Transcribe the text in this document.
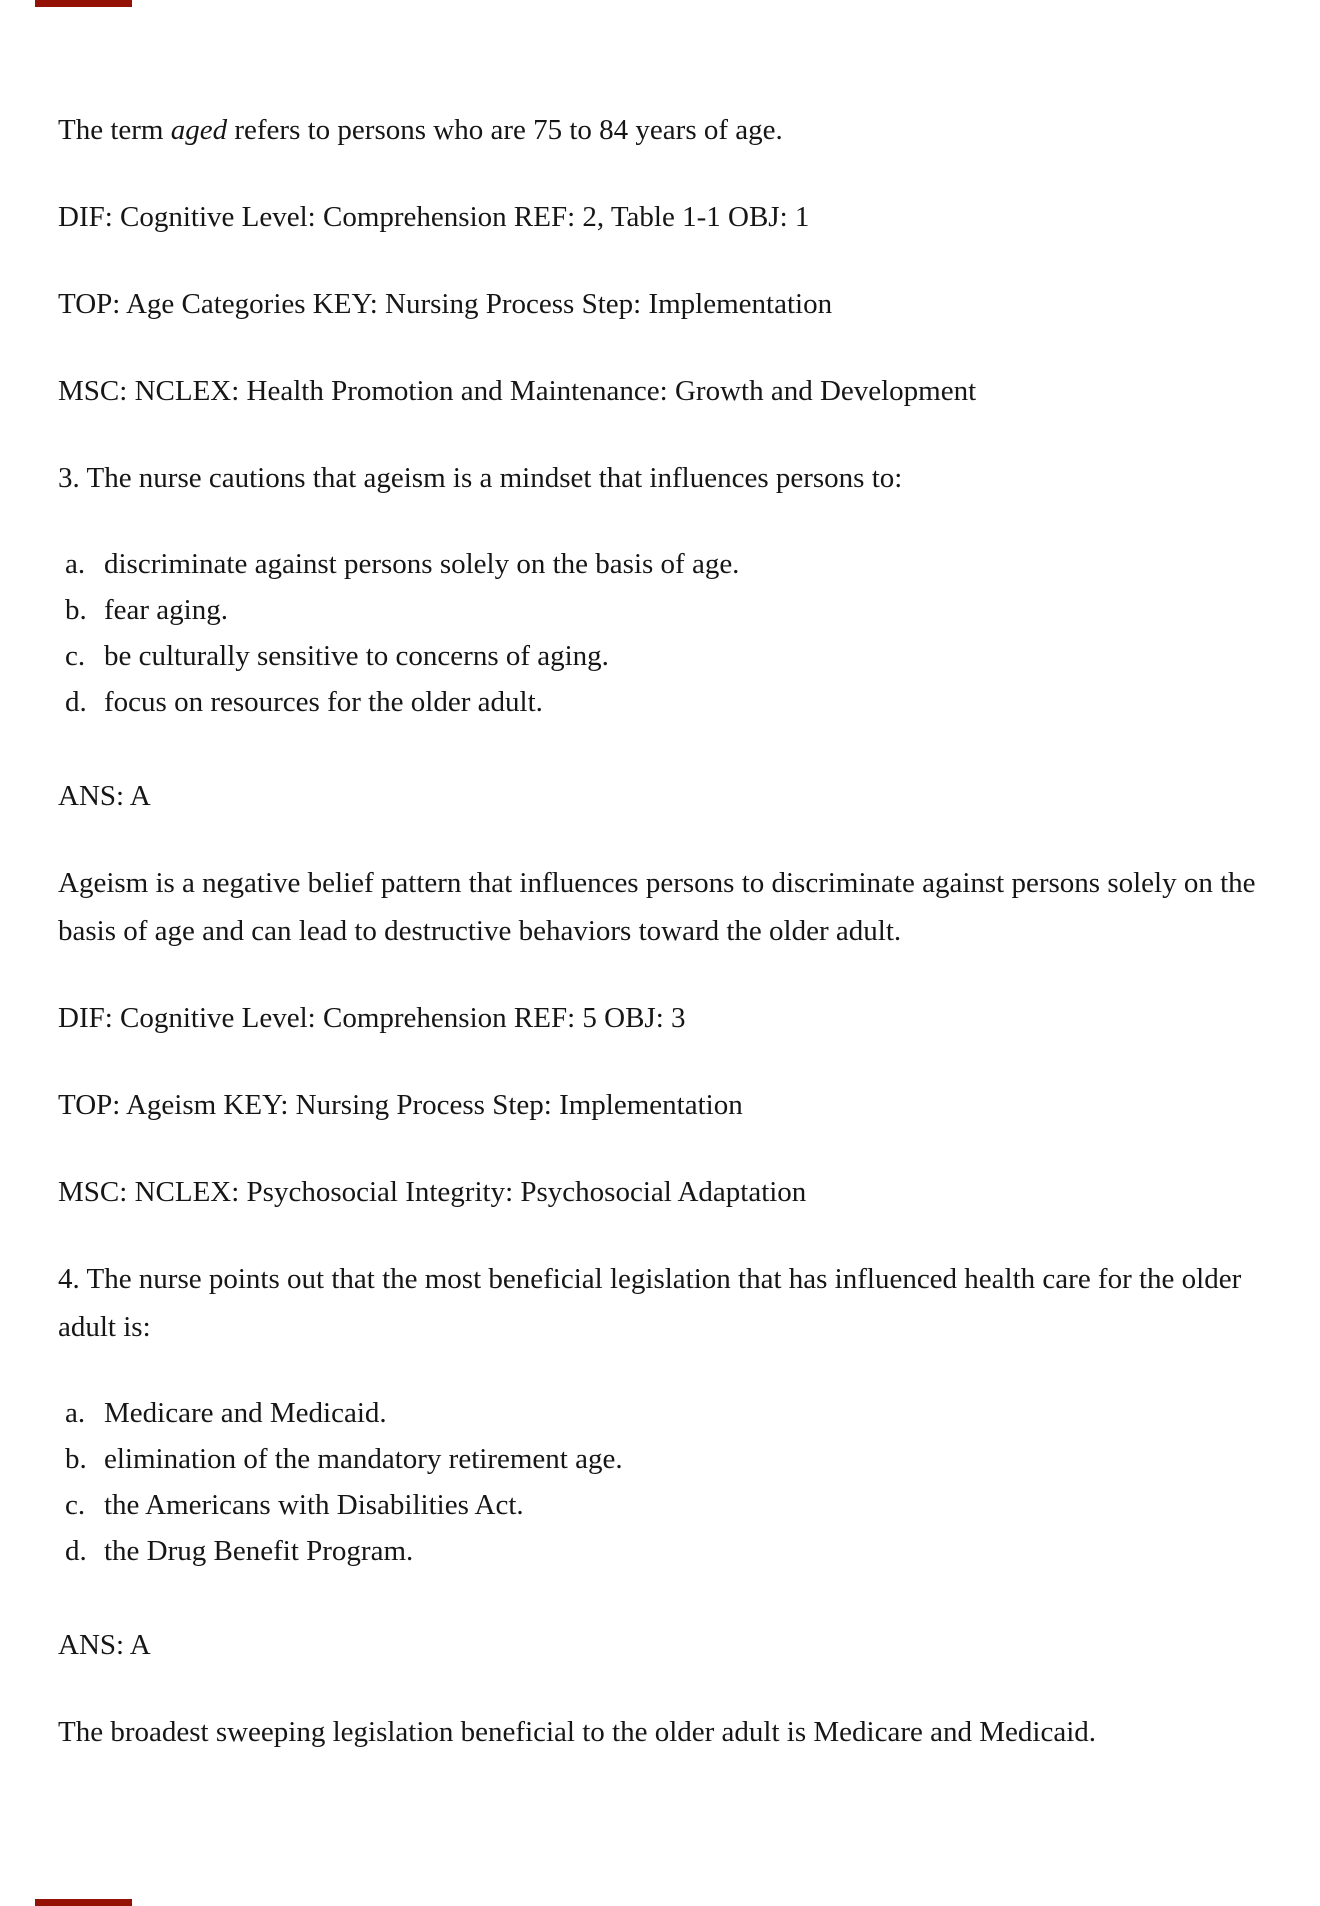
The term aged refers to persons who are 75 to 84 years of age.

DIF: Cognitive Level: Comprehension REF: 2, Table 1-1 OBJ: 1

TOP: Age Categories KEY: Nursing Process Step: Implementation

MSC: NCLEX: Health Promotion and Maintenance: Growth and Development

3. The nurse cautions that ageism is a mindset that influences persons to:

a. discriminate against persons solely on the basis of age.
b. fear aging.
c. be culturally sensitive to concerns of aging.
d. focus on resources for the older adult.

ANS: A

Ageism is a negative belief pattern that influences persons to discriminate against persons solely on the basis of age and can lead to destructive behaviors toward the older adult.

DIF: Cognitive Level: Comprehension REF: 5 OBJ: 3

TOP: Ageism KEY: Nursing Process Step: Implementation

MSC: NCLEX: Psychosocial Integrity: Psychosocial Adaptation

4. The nurse points out that the most beneficial legislation that has influenced health care for the older adult is:

a. Medicare and Medicaid.
b. elimination of the mandatory retirement age.
c. the Americans with Disabilities Act.
d. the Drug Benefit Program.

ANS: A

The broadest sweeping legislation beneficial to the older adult is Medicare and Medicaid.
